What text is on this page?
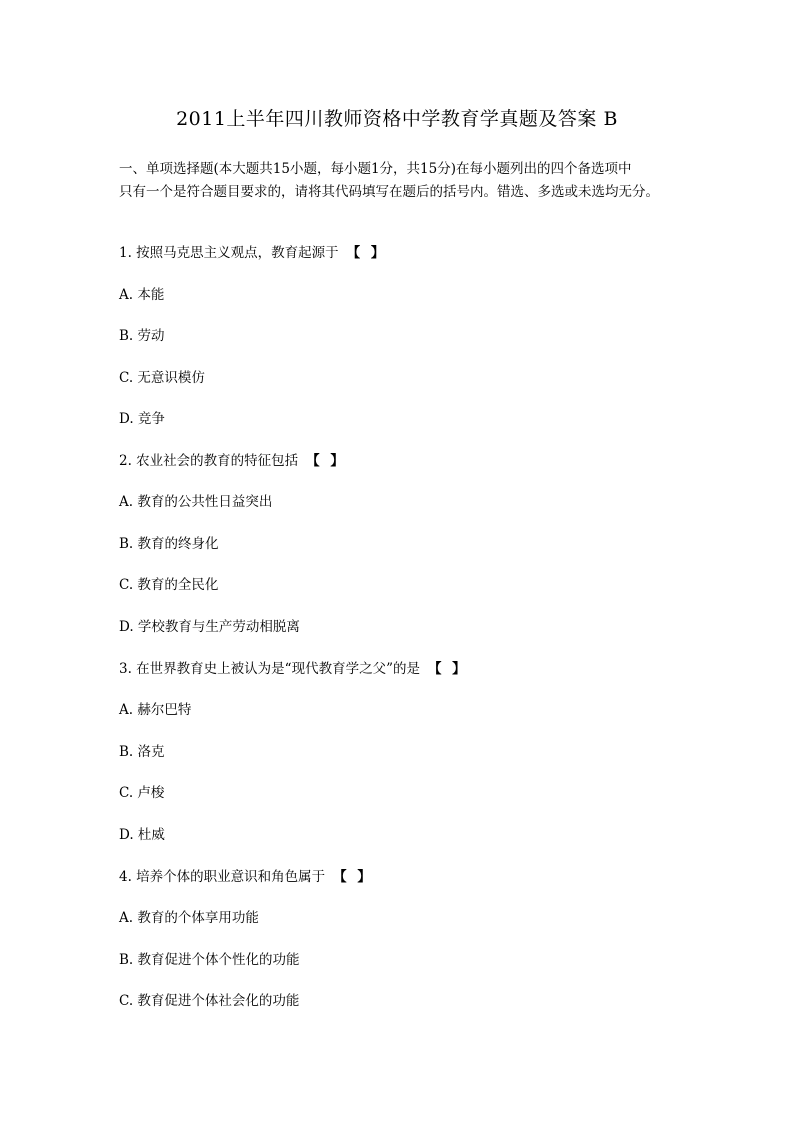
2011上半年四川教师资格中学教育学真题及答案 B

一、单项选择题(本大题共15小题，每小题1分，共15分)在每小题列出的四个备选项中

只有一个是符合题目要求的，请将其代码填写在题后的括号内。错选、多选或未选均无分。

1. 按照马克思主义观点，教育起源于 【 】
A. 本能
B. 劳动
C. 无意识模仿
D. 竞争
2. 农业社会的教育的特征包括 【 】
A. 教育的公共性日益突出
B. 教育的终身化
C. 教育的全民化
D. 学校教育与生产劳动相脱离
3. 在世界教育史上被认为是“现代教育学之父”的是 【 】
A. 赫尔巴特
B. 洛克
C. 卢梭
D. 杜威
4. 培养个体的职业意识和角色属于 【 】
A. 教育的个体享用功能
B. 教育促进个体个性化的功能
C. 教育促进个体社会化的功能
